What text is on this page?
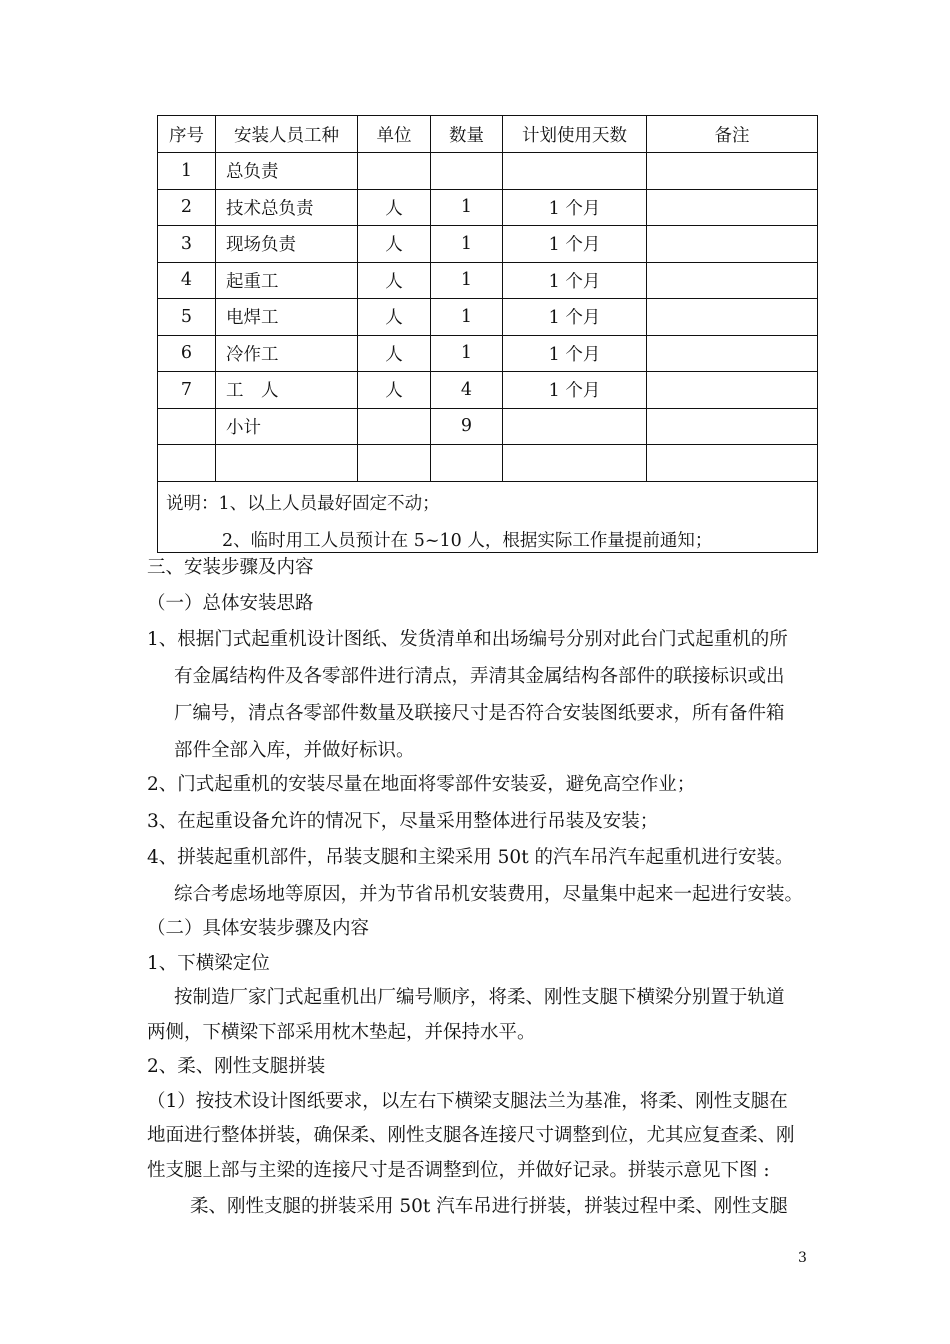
序号	安装人员工种	单位	数量	计划使用天数	备注
1	总负责				
2	技术总负责	人	1	1 个月	
3	现场负责	人	1	1 个月	
4	起重工	人	1	1 个月	
5	电焊工	人	1	1 个月	
6	冷作工	人	1	1 个月	
7	工　人	人	4	1 个月	
	小计		9		

说明：1、以上人员最好固定不动；
2、临时用工人员预计在 5~10 人，根据实际工作量提前通知；					
三、安装步骤及内容
（一）总体安装思路
1、根据门式起重机设计图纸、发货清单和出场编号分别对此台门式起重机的所
有金属结构件及各零部件进行清点，弄清其金属结构各部件的联接标识或出
厂编号，清点各零部件数量及联接尺寸是否符合安装图纸要求，所有备件箱
部件全部入库，并做好标识。
2、门式起重机的安装尽量在地面将零部件安装妥，避免高空作业；
3、在起重设备允许的情况下，尽量采用整体进行吊装及安装；
4、拼装起重机部件，吊装支腿和主梁采用 50t 的汽车吊汽车起重机进行安装。
综合考虑场地等原因，并为节省吊机安装费用，尽量集中起来一起进行安装。
（二）具体安装步骤及内容
1、下横梁定位
按制造厂家门式起重机出厂编号顺序，将柔、刚性支腿下横梁分别置于轨道
两侧，下横梁下部采用枕木垫起，并保持水平。
2、柔、刚性支腿拼装
（1）按技术设计图纸要求，以左右下横梁支腿法兰为基准，将柔、刚性支腿在
地面进行整体拼装，确保柔、刚性支腿各连接尺寸调整到位，尤其应复查柔、刚
性支腿上部与主梁的连接尺寸是否调整到位，并做好记录。拼装示意见下图 :
柔、刚性支腿的拼装采用 50t 汽车吊进行拼装，拼装过程中柔、刚性支腿
3
